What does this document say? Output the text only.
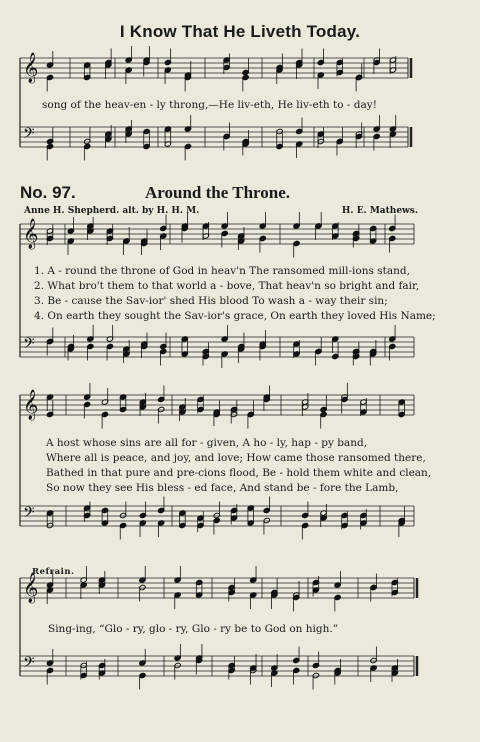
𝄞
𝄢
𝄞
𝄢
𝄞
𝄢
𝄞
𝄢
I Know That He Liveth Today.
song of the heav-en - ly throng,—He liv-eth, He liv-eth to - day!
No. 97.	Around the Throne.
Anne H. Shepherd. alt. by H. H. M.	H. E. Mathews.
1. A - round the throne of God in heav'n The ransomed mill-ions stand,
2. What bro't them to that world a - bove, That heav'n so bright and fair,
3. Be - cause the Sav-ior' shed His blood To wash a - way their sin;
4. On earth they sought the Sav-ior's grace, On earth they loved His Name;
A host whose sins are all for - given, A ho - ly, hap - py band,
Where all is peace, and joy, and love; How came those ransomed there,
Bathed in that pure and pre-cions flood, Be - hold them white and clean,
So now they see His bless - ed face, And stand be - fore the Lamb,
Refrain.
Sing-ing, “Glo - ry, glo - ry, Glo - ry be to God on high.”
